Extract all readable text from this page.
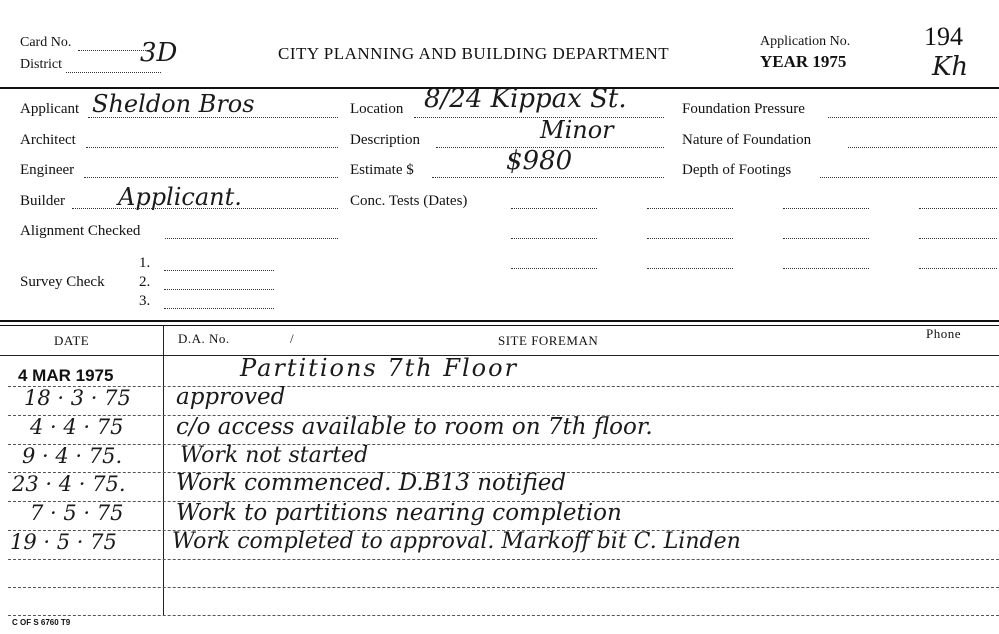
Card No.	3D
District
CITY PLANNING AND BUILDING DEPARTMENT
Application No.
YEAR 1975
194
Kh
Applicant Sheldon Bros
Architect
Engineer
Builder Applicant.
Alignment Checked
Survey Check
1.
2.
3.
Location 8/24 Kippax St.
Description	Minor
Estimate $	$980
Conc. Tests (Dates)
Foundation Pressure
Nature of Foundation
Depth of Footings
DATE	D.A. No.	/	SITE FOREMAN	Phone
4 MAR 1975	Partitions 7th Floor
18 · 3 · 75 approved
4 · 4 · 75 c/o access available to room on 7th floor.
9 · 4 · 75.	Work not started
23 · 4 · 75. Work commenced. D.B13 notified
7 · 5 · 75 Work to partitions nearing completion
19 · 5 · 75	Work completed to approval. Markoff bit C. Linden
C OF S 6760 T9
